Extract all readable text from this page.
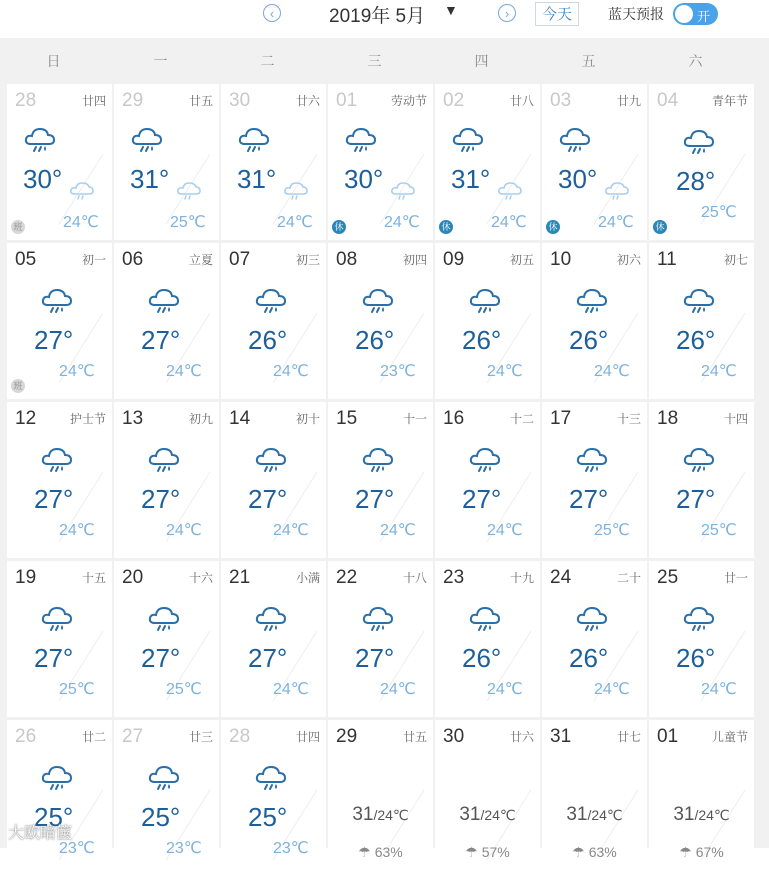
‹	2019年 5月 ▼	›	今天	蓝天预报	开
日	一	二	三	四	五	六
28	廿四
30°
24℃
班
29	廿五
31°
25℃
30	廿六
31°
24℃
01	劳动节
30°
24℃
休
02	廿八
31°
24℃
休
03	廿九
30°
24℃
休
04	青年节
28°
25℃
休
05	初一
27°
24℃
班
06	立夏
27°
24℃
07	初三
26°
24℃
08	初四
26°
23℃
09	初五
26°
24℃
10	初六
26°
24℃
11	初七
26°
24℃
12	护士节
27°
24℃
13	初九
27°
24℃
14	初十
27°
24℃
15	十一
27°
24℃
16	十二
27°
24℃
17	十三
27°
25℃
18	十四
27°
25℃
19	十五
27°
25℃
20	十六
27°
25℃
21	小满
27°
24℃
22	十八
27°
24℃
23	十九
26°
24℃
24	二十
26°
24℃
25	廿一
26°
24℃
26	廿二
25°
23℃
27	廿三
25°
23℃
28	廿四
25°
23℃
29	廿五
31/24℃
☂ 63%
30	廿六
31/24℃
☂ 57%
31	廿七
31/24℃
☂ 63%
01	儿童节
31/24℃
☂ 67%
大欧暗箧
